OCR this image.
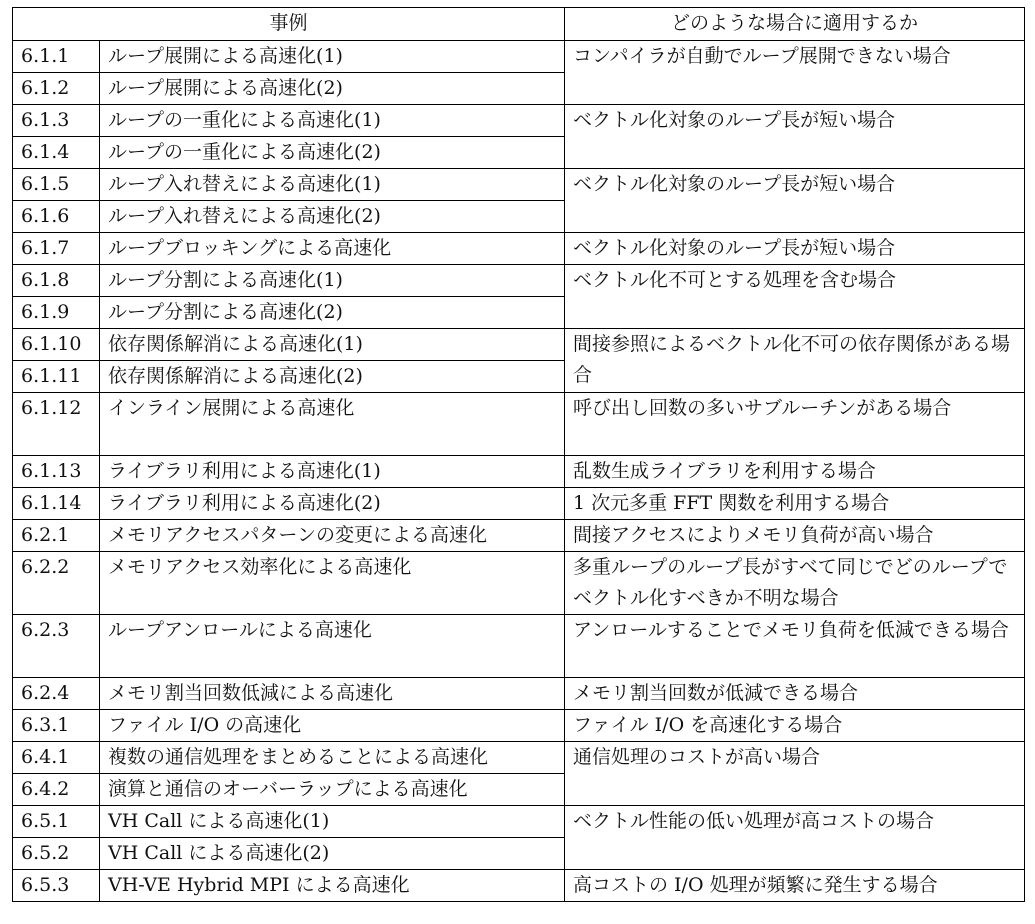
事例		どのような場合に適用するか
6.1.1	ループ展開による高速化(1)	コンパイラが自動でループ展開できない場合
6.1.2	ループ展開による高速化(2)	
6.1.3	ループの一重化による高速化(1)	ベクトル化対象のループ長が短い場合
6.1.4	ループの一重化による高速化(2)	
6.1.5	ループ入れ替えによる高速化(1)	ベクトル化対象のループ長が短い場合
6.1.6	ループ入れ替えによる高速化(2)	
6.1.7	ループブロッキングによる高速化	ベクトル化対象のループ長が短い場合
6.1.8	ループ分割による高速化(1)	ベクトル化不可とする処理を含む場合
6.1.9	ループ分割による高速化(2)	
6.1.10	依存関係解消による高速化(1)	間接参照によるベクトル化不可の依存関係がある場合
6.1.11	依存関係解消による高速化(2)	
6.1.12	インライン展開による高速化	呼び出し回数の多いサブルーチンがある場合
6.1.13	ライブラリ利用による高速化(1)	乱数生成ライブラリを利用する場合
6.1.14	ライブラリ利用による高速化(2)	1 次元多重 FFT 関数を利用する場合
6.2.1	メモリアクセスパターンの変更による高速化	間接アクセスによりメモリ負荷が高い場合
6.2.2	メモリアクセス効率化による高速化	多重ループのループ長がすべて同じでどのループでベクトル化すべきか不明な場合
6.2.3	ループアンロールによる高速化	アンロールすることでメモリ負荷を低減できる場合
6.2.4	メモリ割当回数低減による高速化	メモリ割当回数が低減できる場合
6.3.1	ファイル I/O の高速化	ファイル I/O を高速化する場合
6.4.1	複数の通信処理をまとめることによる高速化	通信処理のコストが高い場合
6.4.2	演算と通信のオーバーラップによる高速化	
6.5.1	VH Call による高速化(1)	ベクトル性能の低い処理が高コストの場合
6.5.2	VH Call による高速化(2)	
6.5.3	VH-VE Hybrid MPI による高速化	高コストの I/O 処理が頻繁に発生する場合
